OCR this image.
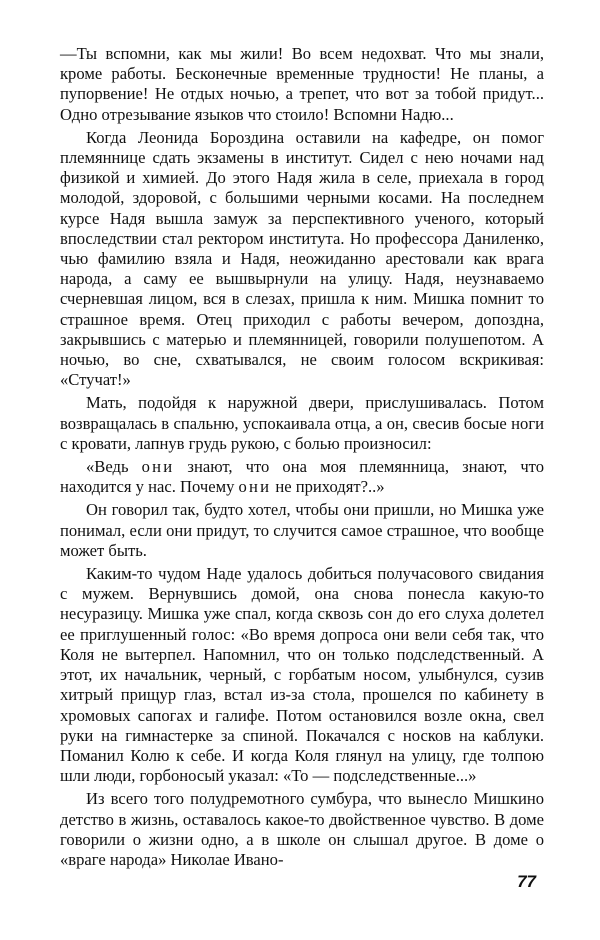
—Ты вспомни, как мы жили! Во всем недохват. Что мы знали, кроме работы. Бесконечные временные трудности! Не планы, а пупорвение! Не отдых ночью, а трепет, что вот за тобой придут... Одно отрезывание языков что стоило! Вспомни Надю...

Когда Леонида Бороздина оставили на кафедре, он помог племяннице сдать экзамены в институт. Сидел с нею ночами над физикой и химией. До этого Надя жила в селе, приехала в город молодой, здоровой, с большими черными косами. На последнем курсе Надя вышла замуж за перспективного ученого, который впоследствии стал ректором института. Но профессора Даниленко, чью фамилию взяла и Надя, неожиданно арестовали как врага народа, а саму ее вышвырнули на улицу. Надя, неузнаваемо счерневшая лицом, вся в слезах, пришла к ним. Мишка помнит то страшное время. Отец приходил с работы вечером, допоздна, закрывшись с матерью и племянницей, говорили полушепотом. А ночью, во сне, схватывался, не своим голосом вскрикивая: «Стучат!»

Мать, подойдя к наружной двери, прислушивалась. Потом возвращалась в спальню, успокаивала отца, а он, свесив босые ноги с кровати, лапнув грудь рукою, с болью произносил:

«Ведь они знают, что она моя племянница, знают, что находится у нас. Почему они не приходят?..»

Он говорил так, будто хотел, чтобы они пришли, но Мишка уже понимал, если они придут, то случится самое страшное, что вообще может быть.

Каким-то чудом Наде удалось добиться получасового свидания с мужем. Вернувшись домой, она снова понесла какую-то несуразицу. Мишка уже спал, когда сквозь сон до его слуха долетел ее приглушенный голос: «Во время допроса они вели себя так, что Коля не вытерпел. Напомнил, что он только подследственный. А этот, их начальник, черный, с горбатым носом, улыбнулся, сузив хитрый прищур глаз, встал из-за стола, прошелся по кабинету в хромовых сапогах и галифе. Потом остановился возле окна, свел руки на гимнастерке за спиной. Покачался с носков на каблуки. Поманил Колю к себе. И когда Коля глянул на улицу, где толпою шли люди, горбоносый указал: «То — подследственные...»

Из всего того полудремотного сумбура, что вынесло Мишкино детство в жизнь, оставалось какое-то двойственное чувство. В доме говорили о жизни одно, а в школе он слышал другое. В доме о «враге народа» Николае Ивано-

77
